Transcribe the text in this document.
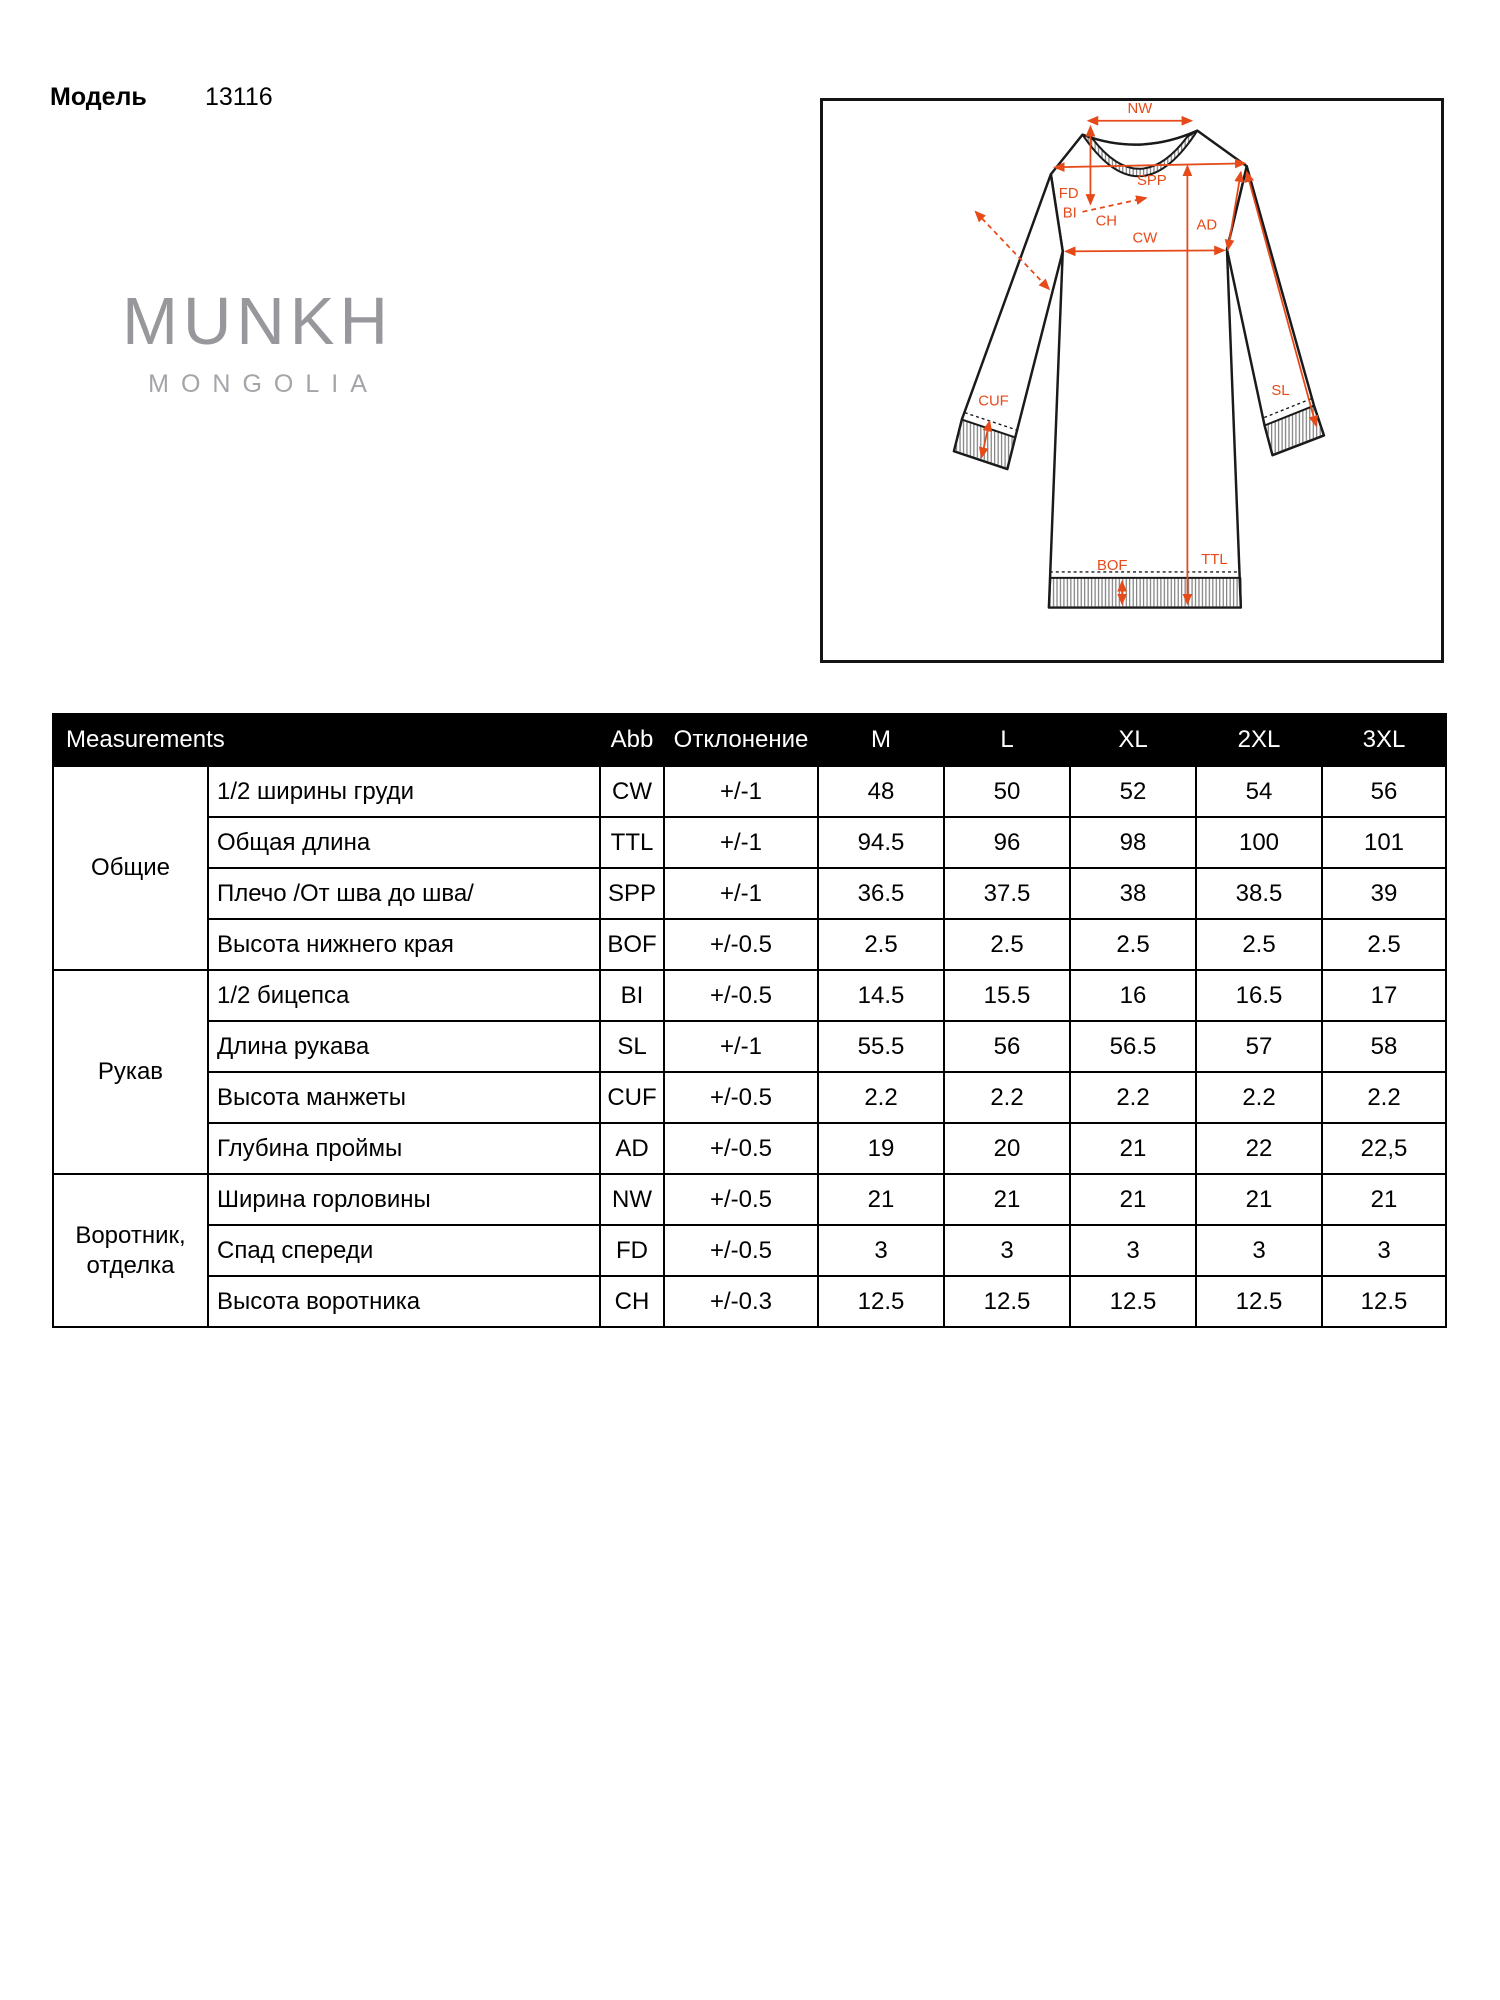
Модель 13116
MUNKH
MONGOLIA
NW
SPP
FD
CH
BI
AD
CW
SL
CUF
TTL
BOF
Measurements		Abb	Отклонение	M	L	XL	2XL	3XL
Общие	1/2 ширины груди	CW	+/-1	48	50	52	54	56
	Общая длина	TTL	+/-1	94.5	96	98	100	101
	Плечо /От шва до шва/	SPP	+/-1	36.5	37.5	38	38.5	39
	Высота нижнего края	BOF	+/-0.5	2.5	2.5	2.5	2.5	2.5
Рукав	1/2 бицепса	BI	+/-0.5	14.5	15.5	16	16.5	17
	Длина рукава	SL	+/-1	55.5	56	56.5	57	58
	Высота манжеты	CUF	+/-0.5	2.2	2.2	2.2	2.2	2.2
	Глубина проймы	AD	+/-0.5	19	20	21	22	22,5
Воротник, отделка	Ширина горловины	NW	+/-0.5	21	21	21	21	21
	Спад спереди	FD	+/-0.5	3	3	3	3	3
	Высота воротника	CH	+/-0.3	12.5	12.5	12.5	12.5	12.5
